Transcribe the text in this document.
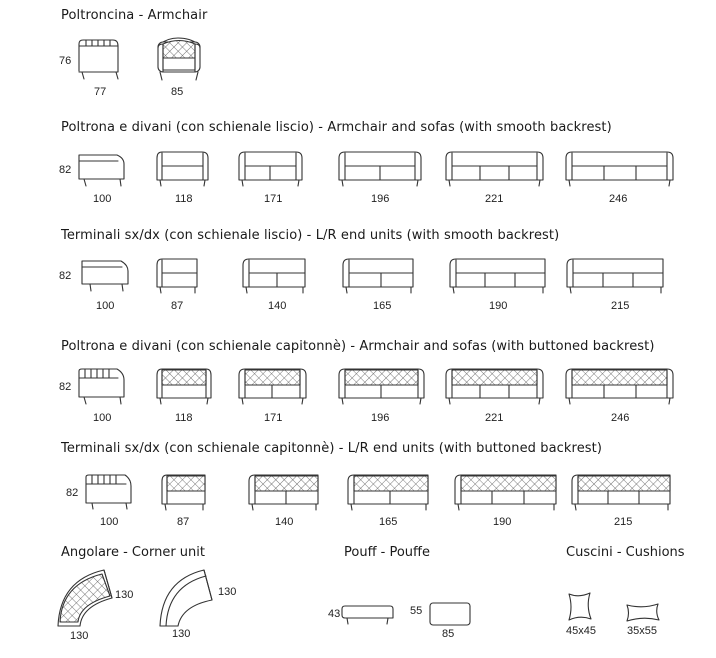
Poltroncina - Armchair
Poltrona e divani (con schienale liscio) - Armchair and sofas (with smooth backrest)
Terminali sx/dx (con schienale liscio) - L/R end units (with smooth backrest)
Poltrona e divani (con schienale capitonnè) - Armchair and sofas (with buttoned backrest)
Terminali sx/dx (con schienale capitonnè) - L/R end units (with buttoned backrest)
Angolare - Corner unit	Pouff - Pouffe	Cuscini - Cushions
76
77	85
82
100	118	171	196	221	246
82
100	87	140	165	190	215
82
100	118	171	196	221	246
82
100	87	140	165	190	215
130
130
130
130
43	55
85	45x45	35x55
